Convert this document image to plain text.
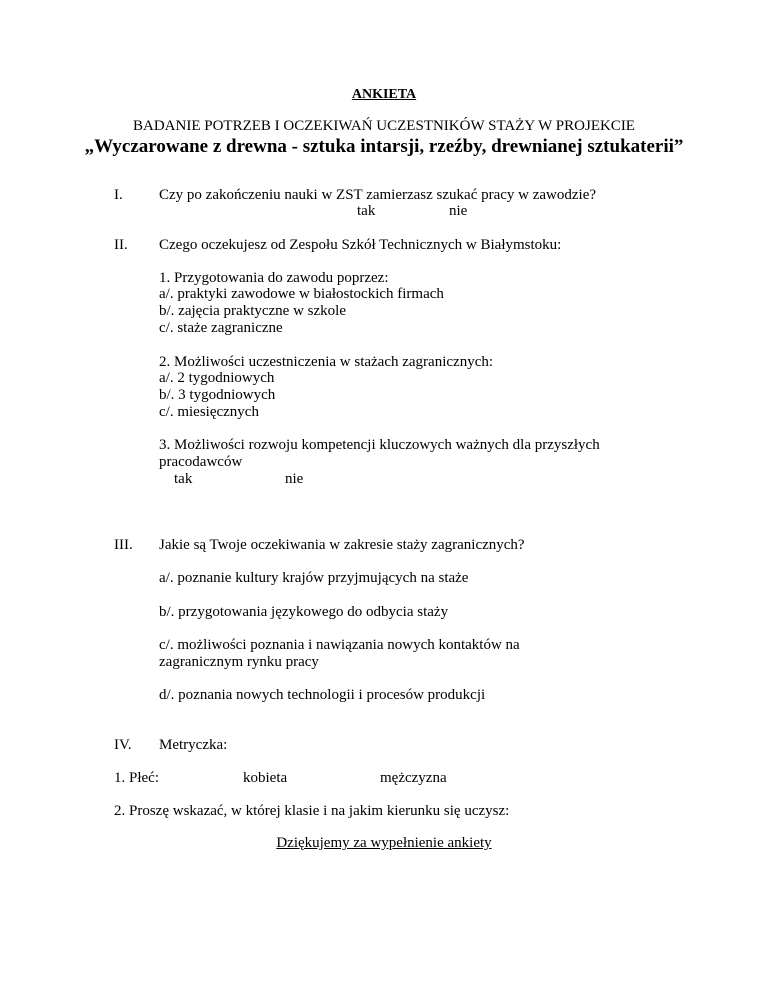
ANKIETA
BADANIE POTRZEB I OCZEKIWAŃ UCZESTNIKÓW STAŻY W PROJEKCIE
„Wyczarowane z drewna - sztuka intarsji, rzeźby, drewnianej sztukaterii”
I. Czy po zakończeniu nauki w ZST zamierzasz szukać pracy w zawodzie?
tak	nie
II. Czego oczekujesz od Zespołu Szkół Technicznych w Białymstoku:
1. Przygotowania do zawodu poprzez:
a/. praktyki zawodowe w białostockich firmach
b/. zajęcia praktyczne w szkole
c/. staże zagraniczne
2. Możliwości uczestniczenia w stażach zagranicznych:
a/. 2 tygodniowych
b/. 3 tygodniowych
c/. miesięcznych
3. Możliwości rozwoju kompetencji kluczowych ważnych dla przyszłych
pracodawców
tak	nie
III. Jakie są Twoje oczekiwania w zakresie staży zagranicznych?
a/. poznanie kultury krajów przyjmujących na staże
b/. przygotowania językowego do odbycia staży
c/. możliwości poznania i nawiązania nowych kontaktów na
zagranicznym rynku pracy
d/. poznania nowych technologii i procesów produkcji
IV. Metryczka:
1. Płeć:	kobieta	mężczyzna
2. Proszę wskazać, w której klasie i na jakim kierunku się uczysz:
Dziękujemy za wypełnienie ankiety
